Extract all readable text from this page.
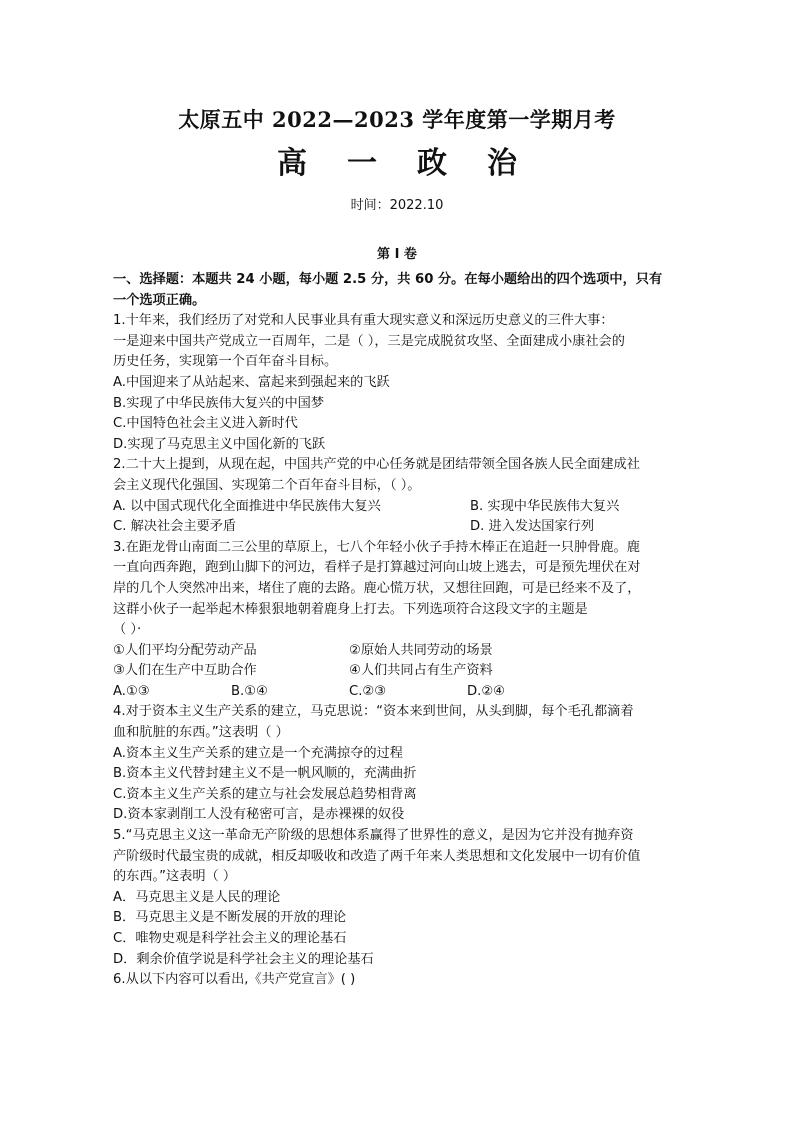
太原五中 2022—2023 学年度第一学期月考
高 一 政 治
时间：2022.10
第 I 卷
一、选择题：本题共 24 小题，每小题 2.5 分，共 60 分。在每小题给出的四个选项中，只有
一个选项正确。
1.十年来，我们经历了对党和人民事业具有重大现实意义和深远历史意义的三件大事：
一是迎来中国共产党成立一百周年，二是（ ），三是完成脱贫攻坚、全面建成小康社会的
历史任务，实现第一个百年奋斗目标。
A.中国迎来了从站起来、富起来到强起来的飞跃
B.实现了中华民族伟大复兴的中国梦
C.中国特色社会主义进入新时代
D.实现了马克思主义中国化新的飞跃
2.二十大上提到，从现在起，中国共产党的中心任务就是团结带领全国各族人民全面建成社
会主义现代化强国、实现第二个百年奋斗目标，（ ）。
A. 以中国式现代化全面推进中华民族伟大复兴	B. 实现中华民族伟大复兴
C. 解决社会主要矛盾	D. 进入发达国家行列
3.在距龙骨山南面二三公里的草原上，七八个年轻小伙子手持木棒正在追赶一只肿骨鹿。鹿
一直向西奔跑，跑到山脚下的河边，看样子是打算越过河向山坡上逃去，可是预先埋伏在对
岸的几个人突然冲出来，堵住了鹿的去路。鹿心慌万状，又想往回跑，可是已经来不及了，
这群小伙子一起举起木棒狠狠地朝着鹿身上打去。下列选项符合这段文字的主题是
（ ）·
①人们平均分配劳动产品	②原始人共同劳动的场景
③人们在生产中互助合作	④人们共同占有生产资料
A.①③	B.①④	C.②③	D.②④
4.对于资本主义生产关系的建立，马克思说：“资本来到世间，从头到脚，每个毛孔都滴着
血和肮脏的东西。”这表明（ ）
A.资本主义生产关系的建立是一个充满掠夺的过程
B.资本主义代替封建主义不是一帆风顺的，充满曲折
C.资本主义生产关系的建立与社会发展总趋势相背离
D.资本家剥削工人没有秘密可言，是赤裸裸的奴役
5.“马克思主义这一革命无产阶级的思想体系赢得了世界性的意义，是因为它并没有抛弃资
产阶级时代最宝贵的成就，相反却吸收和改造了两千年来人类思想和文化发展中一切有价值
的东西。”这表明（ ）
A．马克思主义是人民的理论
B．马克思主义是不断发展的开放的理论
C．唯物史观是科学社会主义的理论基石
D．剩余价值学说是科学社会主义的理论基石
6.从以下内容可以看出,《共产党宣言》( )
